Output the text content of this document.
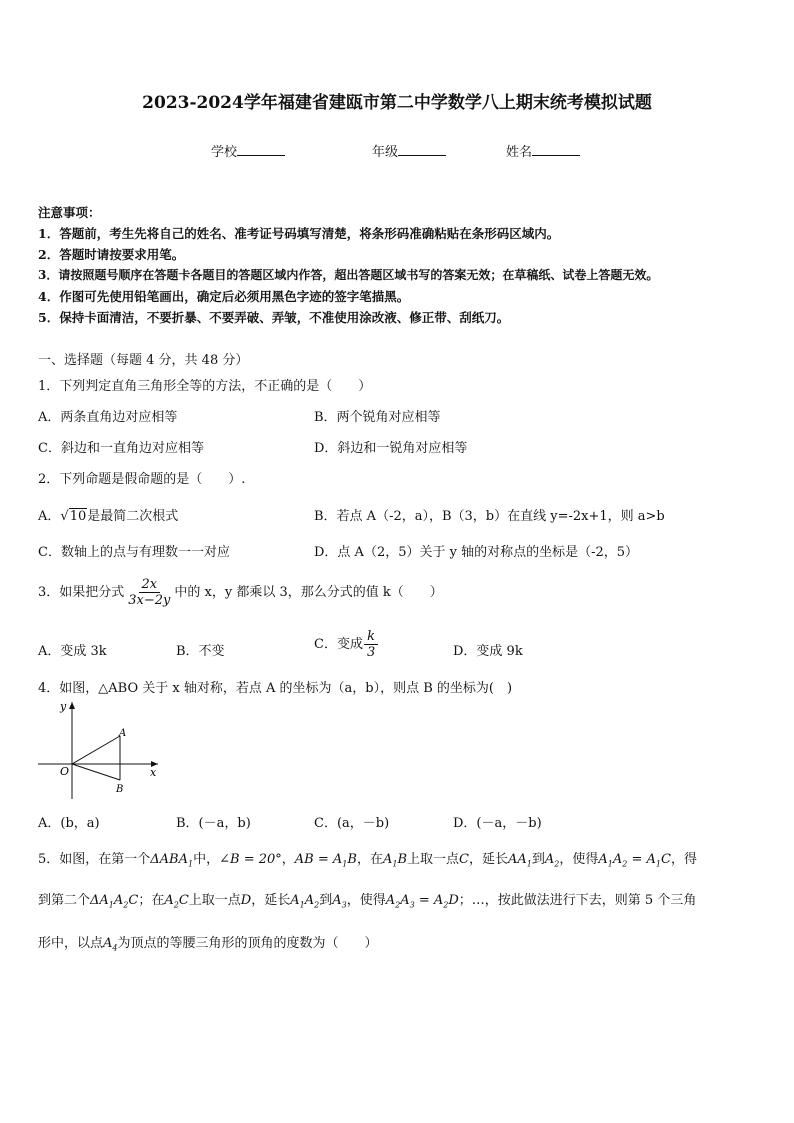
2023-2024学年福建省建瓯市第二中学数学八上期末统考模拟试题
学校	年级	姓名
注意事项：
1．答题前，考生先将自己的姓名、准考证号码填写清楚，将条形码准确粘贴在条形码区域内。
2．答题时请按要求用笔。
3．请按照题号顺序在答题卡各题目的答题区域内作答，超出答题区域书写的答案无效；在草稿纸、试卷上答题无效。
4．作图可先使用铅笔画出，确定后必须用黑色字迹的签字笔描黑。
5．保持卡面清洁，不要折暴、不要弄破、弄皱，不准使用涂改液、修正带、刮纸刀。
一、选择题（每题 4 分，共 48 分）
1．下列判定直角三角形全等的方法，不正确的是（　　）
A．两条直角边对应相等	B．两个锐角对应相等
C．斜边和一直角边对应相等	D．斜边和一锐角对应相等
2．下列命题是假命题的是（　　）.
A．√10是最简二次根式	B．若点 A（-2，a），B（3，b）在直线 y=-2x+1，则 a>b
C．数轴上的点与有理数一一对应	D．点 A（2，5）关于 y 轴的对称点的坐标是（-2，5）
3．如果把分式 $\frac{2x}{3x-2y}$ 中的 x，y 都乘以 3，那么分式的值 k（　　）
A．变成 3k	B．不变	C．变成 $\frac{k}{3}$	D．变成 9k
4．如图，△ABO 关于 x 轴对称，若点 A 的坐标为（a，b），则点 B 的坐标为(　)
y
x
O
A
B
A．(b，a)	B．(－a，b)	C．(a，－b)	D．(－a，－b)
5．如图，在第一个$\Delta ABA_1$中，∠B = 20°，AB = $A_1B$，在$A_1B$上取一点C，延长$AA_1$到$A_2$，使得$A_1A_2 = A_1C$，得
到第二个$\Delta A_1A_2C$；在$A_2C$上取一点D，延长$A_1A_2$到$A_3$，使得$A_2A_3 = A_2D$；…，按此做法进行下去，则第 5 个三角
形中，以点$A_4$为顶点的等腰三角形的顶角的度数为（　　）
